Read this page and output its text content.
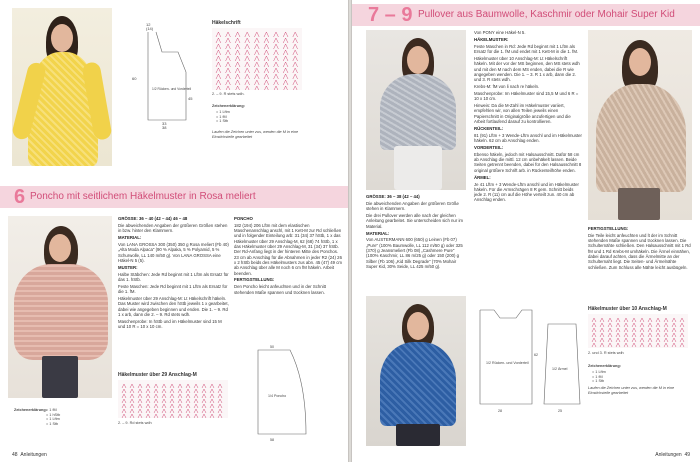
12
(14)
60
45
33
38
1/2 Rücken- und Vorderteil
Häkelschrift
2. – 9. R stets wdh.
Zeichenerklärung:
= 1 Lftm
= 1 fM
= 1 Stb
Laufen die Zeichen unter zus, werden die M in eine Einstichstelle gearbeitet
6 Poncho mit seitlichem Häkelmuster in Rosa meliert
Zeichenerklärung: = 1 fM
= 1 hStb
= 1 Lftm
= 1 Stb

GRÖSSE: 36 – 40 (42 – 44) 46 – 48

Die abweichenden Angaben der größeren Größen stehen in bzw. hinter den Klammern.

MATERIAL:

Von LANA GROSSA 300 (350) 350 g Rosa meliert (Fb 40) „Alta Moda Alpaca" (90 % Alpaka, 5 % Polyamid, 5 % Schurwolle, LL 140 m/50 g). Von LANA GROSSA eine Häkel-N 5 (5).

MUSTER:

Halbe Stäbchen: Jede Rd beginnt mit 1 Lftm als Ersatz für das 1. hStb.

Feste Maschen: Jede Rd beginnt mit 1 Lftm als Ersatz für die 1. fM.

Häkelmuster über 29 Anschlag-M: Lt Häkelschrift häkeln. Das Muster wird zwischen den hStb jeweils 1 x gearbeitet, dabei wie angegeben beginnen und enden. Die 1. – 9. Rd 1 x arb, dann die 2. – 9. Rd stets wdh.

Maschenprobe: In hStb und im Häkelmuster sind 15 M und 10 R = 10 x 10 cm.

PONCHO

182 (194) 206 Lftm mit dem elastischen Maschenanschlag anschl, mit 1 Kett-M zur Rd schließen und in folgender Einteilung arb: 31 (34) 37 hStb, 1 x das Häkelmuster über 29 Anschlag-M, 62 (68) 74 hStb, 1 x das Häkelmuster über 29 Anschlag-M, 31 (34) 37 hStb. Der Rd-Anfang liegt in der hinteren Mitte des Ponchos. 23 cm ab Anschlag für die Abnahmen in jeder R2 (24) 26 x 2 hStb beids des Häkelmusters zus abn. 45 (47) 49 cm ab Anschlag über alle M noch 6 cm fM häkeln. Arbeit beenden.

FERTIGSTELLUNG:

Den Poncho leicht anfeuchten und in der Schnitt stehenden Maße spannen und trocknen lassen.

Häkelmuster über 29 Anschlag-M
2. – 9. Rd stets wdh
1/4 Poncho
50
58
48 Anleitungen
7 – 9 Pullover aus Baumwolle, Kaschmir oder Mohair Super Kid

GRÖSSE: 36 – 38 (42 – 44)

Die abweichenden Angaben der größeren Größe stehen in Klammern.

Die drei Pullover werden alle nach der gleichen Anleitung gearbeitet. Sie unterscheiden sich nur im Material.

MATERIAL:

Von AUSTERMANN 600 (650) g Leinen (Fb 07) „Pure" (100% Baumwolle, LL 112 m/50 g) oder 325 (370) g Jeansmeliert (Fb 08) „Cashmere Pure" (100% Kaschmir, LL 86 m/25 g) oder 150 (200) g Silber (Fb 106) „Kid Silk Degrade" (70% Mohair Super Kid, 30% Seide, LL 425 m/50 g).

Von PONY eine Häkel-N 5.

HÄKELMUSTER:

Feste Maschen in Rd: Jede Rd beginnt mit 1 Lftm als Ersatz für die 1. fM und endet mit 1 Kett-M in die 1. fM.

Häkelmuster über 10 Anschlag-M: Lt Häkelschrift häkeln. Mit der vor der MS beginnen, den MS stets wdh und mit den M nach dem MS enden, dabei die R wie angegeben wenden. Die 1. – 3. R 1 x arb, dann die 2. und 3. R stets wdh.

Krebs-M: fM von li nach re häkeln.

Maschenprobe: Im Häkelmuster sind 15,5 M und 6 R = 10 x 10 cm.

Hinweis: Da die M-Zahl im Häkelmuster variiert, empfehlen wir, von allen Teilen jeweils einen Papierschnitt in Originalgröße anzufertigen und die Arbeit fortlaufend darauf zu kontrollieren.

RÜCKENTEIL:

81 (91) Lftm + 3 Wende-Lftm anschl und im Häkelmuster häkeln. 62 cm ab Anschlag enden.

VORDERTEIL:

Ebenso häkeln, jedoch mit Halsausschnitt. Dafür 58 cm ab Anschlag die mittl. 12 cm unbehäkelt lassen. Beide Seiten getrennt beenden, dabei für den Halsausschnitt 8 original größere Schrift arb. in Rückenteilhöhe enden.

ÄRMEL:

Je 41 Lftm + 3 Wende-Lftm anschl und im Häkelmuster häkeln. Für die Armschrägen 8 R gem. Schnitt beids jede 2. R (11) cm auf die Höhe verteilt zun. 40 cm ab Anschlag enden.

FERTIGSTELLUNG:

Die Teile leicht anfeuchten und lt der im Schnitt stehenden Maße spannen und trocknen lassen. Die Schulternähte schließen. Den Halsausschnitt mit 1 Rd fM und 1 Rd Krebs-M umhäkeln. Die Ärmel einnähen, dabei darauf achten, dass die Ärmelmitte an der Schulternaht liegt. Die Seiten- und Ärmelnähte schließen. Zum Schluss alle Nähte leicht ausbügeln.

Häkelmuster über 10 Anschlag-M
2. und 3. R stets wdh
Zeichenerklärung:
= 1 Lftm
= 1 fM
= 1 Stb
Laufen die Zeichen unter zus, werden die M in eine Einstichstelle gearbeitet
1/2 Rücken- und Vorderteil
1/2 Ärmel
62
28	25
Anleitungen 49
